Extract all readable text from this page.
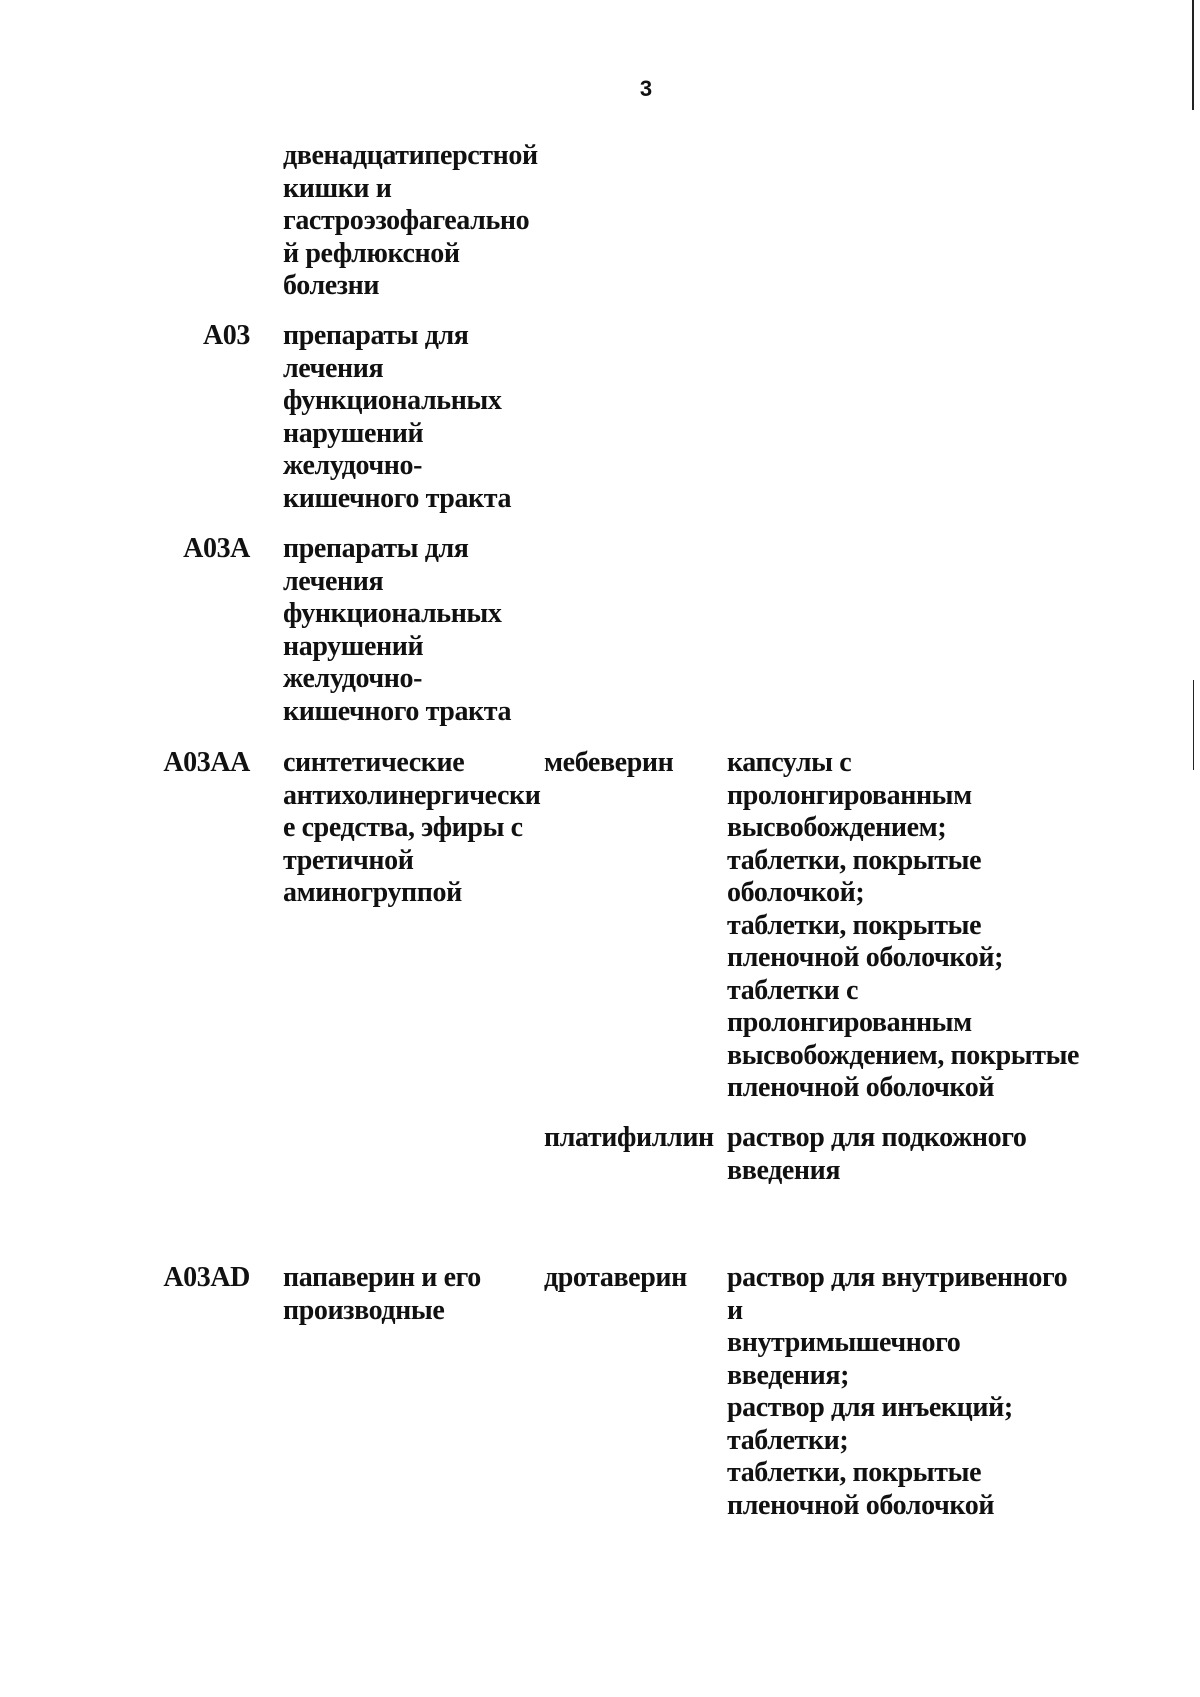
3

двенадцатиперстной
кишки и
гастроэзофагеально
й рефлюксной
болезни

A03 препараты для
лечения
функциональных
нарушений
желудочно-
кишечного тракта

A03A препараты для
лечения
функциональных
нарушений
желудочно-
кишечного тракта

A03AA синтетические
антихолинергически
е средства, эфиры с
третичной
аминогруппой

мебеверин	капсулы с
пролонгированным
высвобождением;
таблетки, покрытые
оболочкой;
таблетки, покрытые
пленочной оболочкой;
таблетки с
пролонгированным
высвобождением, покрытые
пленочной оболочкой

платифиллин раствор для подкожного
введения

A03AD папаверин и его
производные

дротаверин	раствор для внутривенного и
внутримышечного введения;
раствор для инъекций;
таблетки;
таблетки, покрытые
пленочной оболочкой
